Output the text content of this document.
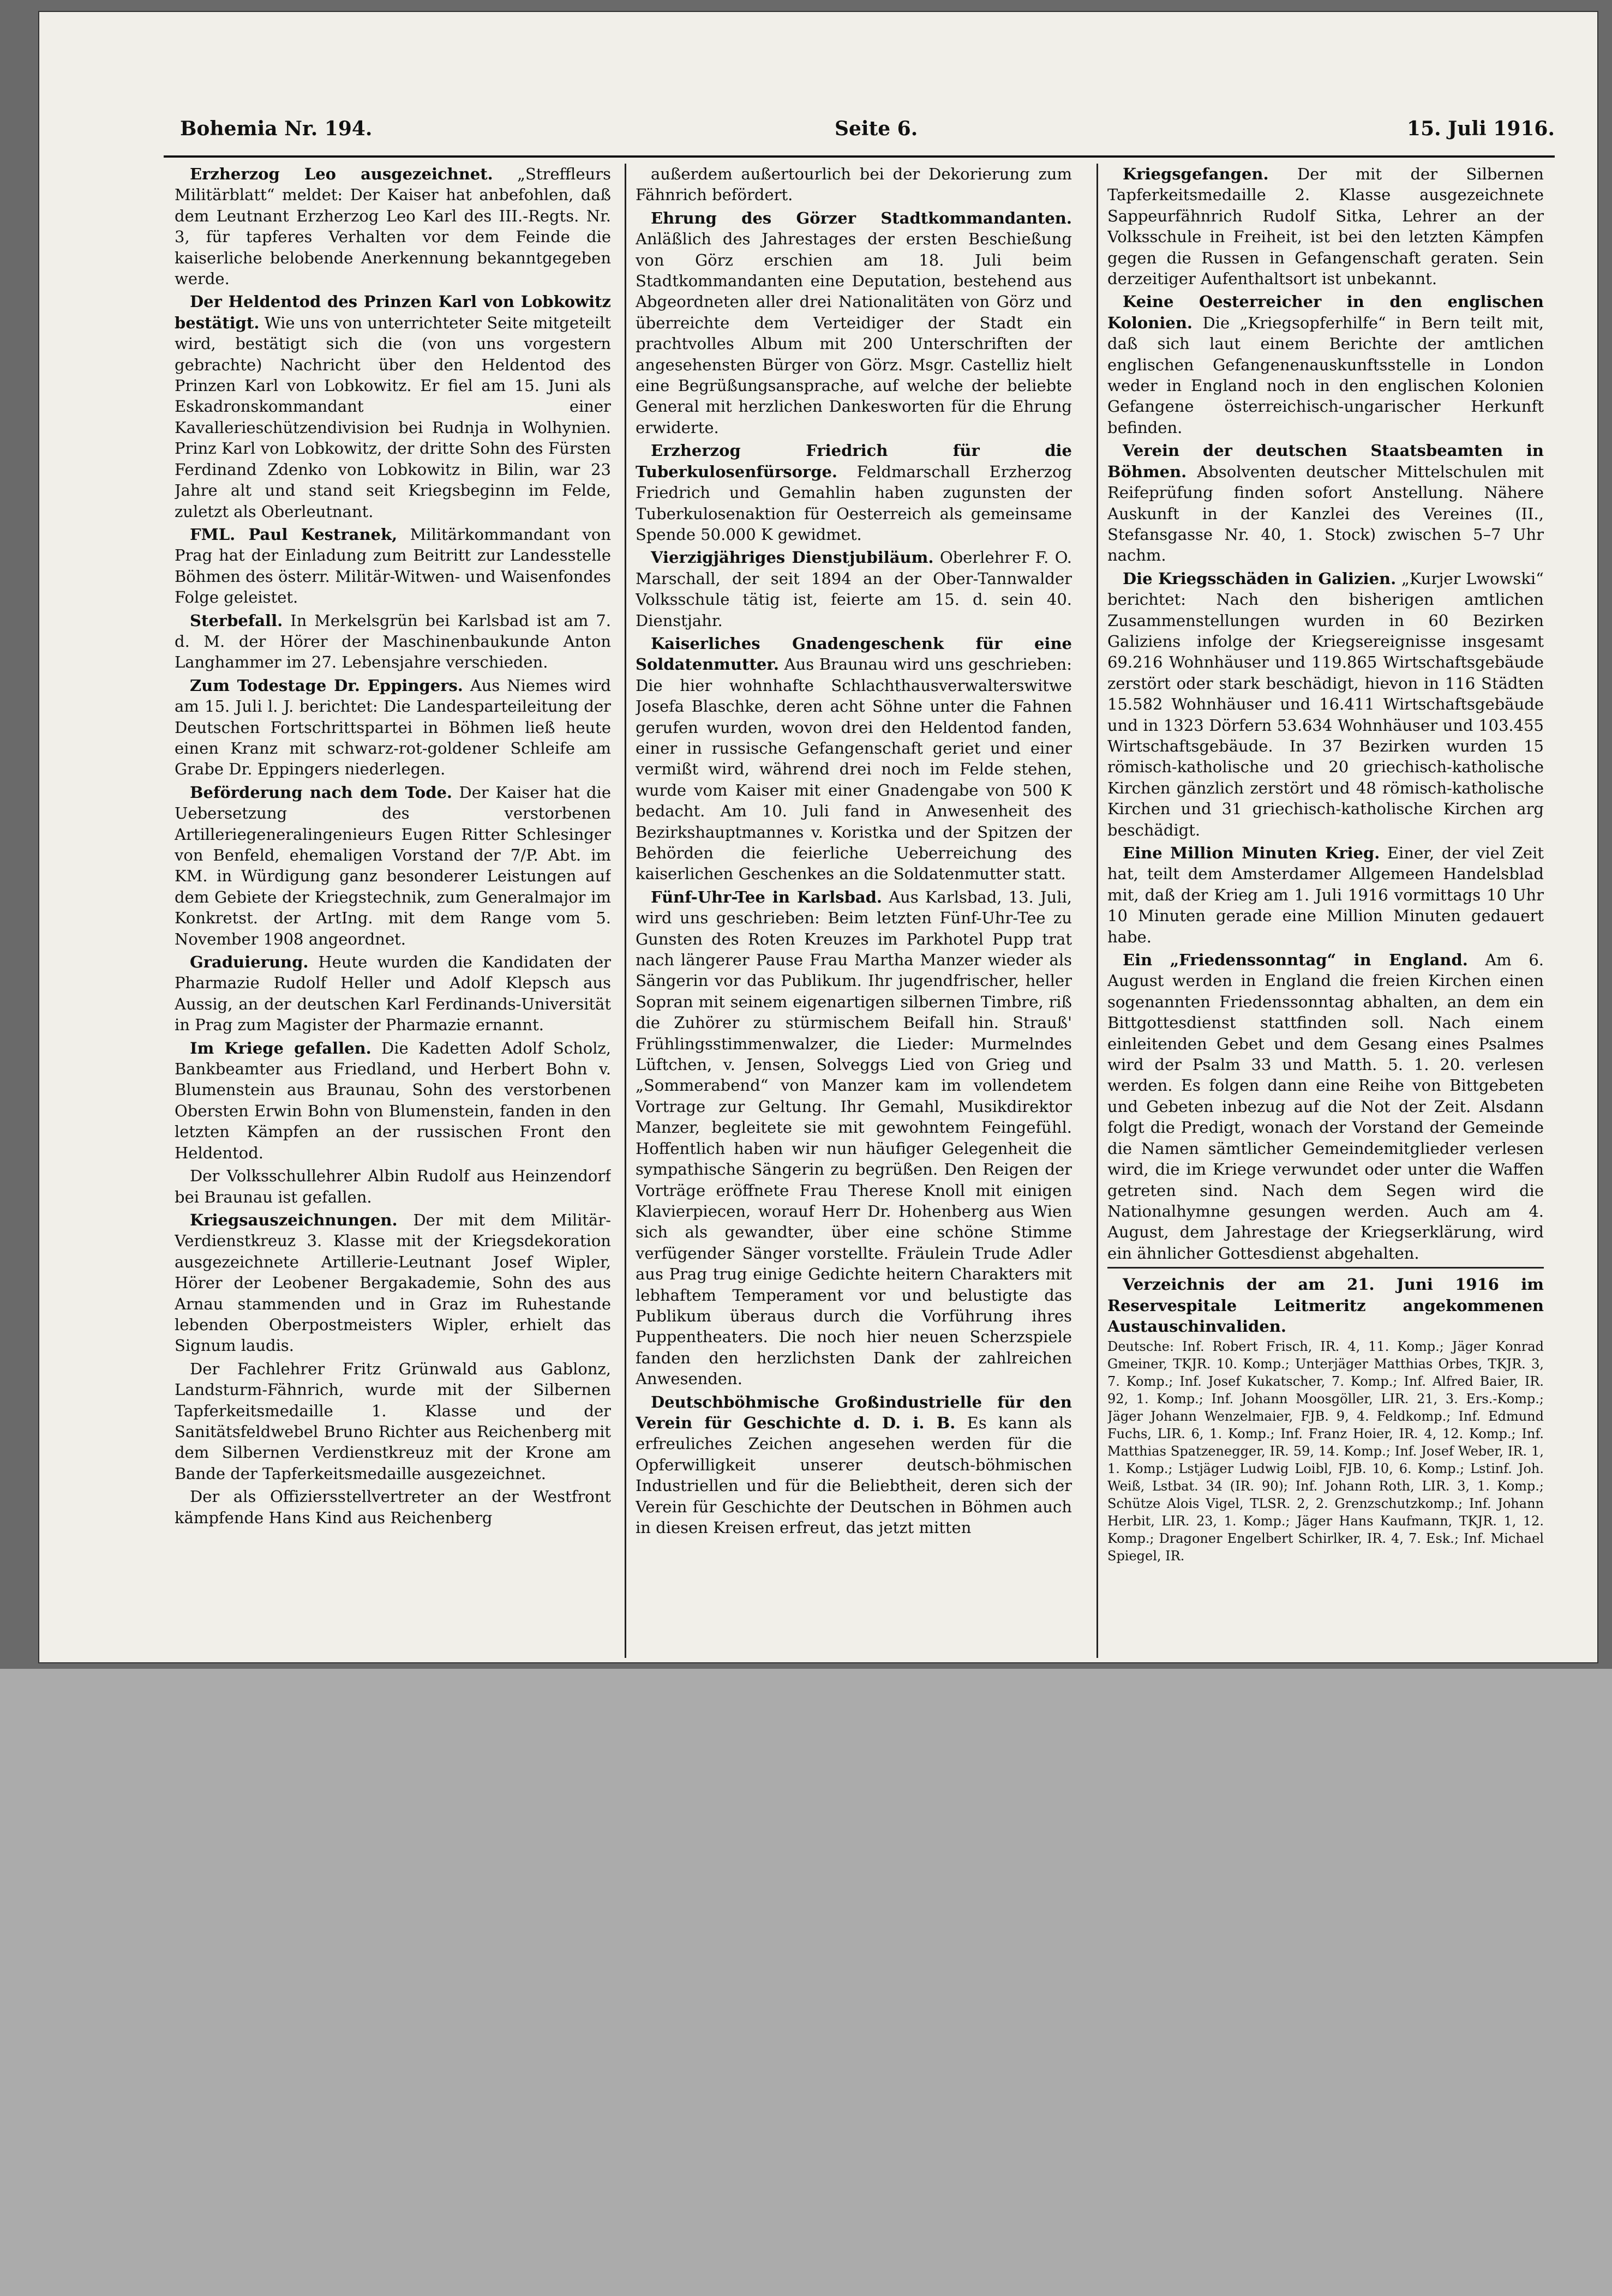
Bohemia Nr. 194.	Seite 6.	15. Juli 1916.

Erzherzog Leo ausgezeichnet. „Streffleurs Militärblatt“ meldet: Der Kaiser hat anbefohlen, daß dem Leutnant Erzherzog Leo Karl des III.-Regts. Nr. 3, für tapferes Verhalten vor dem Feinde die kaiserliche belobende Anerkennung bekanntgegeben werde.

Der Heldentod des Prinzen Karl von Lobkowitz bestätigt. Wie uns von unterrichteter Seite mitgeteilt wird, bestätigt sich die (von uns vorgestern gebrachte) Nachricht über den Heldentod des Prinzen Karl von Lobkowitz. Er fiel am 15. Juni als Eskadronskommandant einer Kavallerieschützendivision bei Rudnja in Wolhynien. Prinz Karl von Lobkowitz, der dritte Sohn des Fürsten Ferdinand Zdenko von Lobkowitz in Bilin, war 23 Jahre alt und stand seit Kriegsbeginn im Felde, zuletzt als Oberleutnant.

FML. Paul Kestranek, Militärkommandant von Prag hat der Einladung zum Beitritt zur Landesstelle Böhmen des österr. Militär-Witwen- und Waisenfondes Folge geleistet.

Sterbefall. In Merkelsgrün bei Karlsbad ist am 7. d. M. der Hörer der Maschinenbaukunde Anton Langhammer im 27. Lebensjahre verschieden.

Zum Todestage Dr. Eppingers. Aus Niemes wird am 15. Juli l. J. berichtet: Die Landesparteileitung der Deutschen Fortschrittspartei in Böhmen ließ heute einen Kranz mit schwarz-rot-goldener Schleife am Grabe Dr. Eppingers niederlegen.

Beförderung nach dem Tode. Der Kaiser hat die Uebersetzung des verstorbenen Artilleriegeneralingenieurs Eugen Ritter Schlesinger von Benfeld, ehemaligen Vorstand der 7/P. Abt. im KM. in Würdigung ganz besonderer Leistungen auf dem Gebiete der Kriegstechnik, zum Generalmajor im Konkretst. der ArtIng. mit dem Range vom 5. November 1908 angeordnet.

Graduierung. Heute wurden die Kandidaten der Pharmazie Rudolf Heller und Adolf Klepsch aus Aussig, an der deutschen Karl Ferdinands-Universität in Prag zum Magister der Pharmazie ernannt.

Im Kriege gefallen. Die Kadetten Adolf Scholz, Bankbeamter aus Friedland, und Herbert Bohn v. Blumenstein aus Braunau, Sohn des verstorbenen Obersten Erwin Bohn von Blumenstein, fanden in den letzten Kämpfen an der russischen Front den Heldentod.

Der Volksschullehrer Albin Rudolf aus Heinzendorf bei Braunau ist gefallen.

Kriegsauszeichnungen. Der mit dem Militär-Verdienstkreuz 3. Klasse mit der Kriegsdekoration ausgezeichnete Artillerie-Leutnant Josef Wipler, Hörer der Leobener Bergakademie, Sohn des aus Arnau stammenden und in Graz im Ruhestande lebenden Oberpostmeisters Wipler, erhielt das Signum laudis.

Der Fachlehrer Fritz Grünwald aus Gablonz, Landsturm-Fähnrich, wurde mit der Silbernen Tapferkeitsmedaille 1. Klasse und der Sanitätsfeldwebel Bruno Richter aus Reichenberg mit dem Silbernen Verdienstkreuz mit der Krone am Bande der Tapferkeitsmedaille ausgezeichnet.

Der als Offiziersstellvertreter an der Westfront kämpfende Hans Kind aus Reichenberg

außerdem außertourlich bei der Dekorierung zum Fähnrich befördert.

Ehrung des Görzer Stadtkommandanten. Anläßlich des Jahrestages der ersten Beschießung von Görz erschien am 18. Juli beim Stadtkommandanten eine Deputation, bestehend aus Abgeordneten aller drei Nationalitäten von Görz und überreichte dem Verteidiger der Stadt ein prachtvolles Album mit 200 Unterschriften der angesehensten Bürger von Görz. Msgr. Castelliz hielt eine Begrüßungsansprache, auf welche der beliebte General mit herzlichen Dankesworten für die Ehrung erwiderte.

Erzherzog Friedrich für die Tuberkulosenfürsorge. Feldmarschall Erzherzog Friedrich und Gemahlin haben zugunsten der Tuberkulosenaktion für Oesterreich als gemeinsame Spende 50.000 K gewidmet.

Vierzigjähriges Dienstjubiläum. Oberlehrer F. O. Marschall, der seit 1894 an der Ober-Tannwalder Volksschule tätig ist, feierte am 15. d. sein 40. Dienstjahr.

Kaiserliches Gnadengeschenk für eine Soldatenmutter. Aus Braunau wird uns geschrieben: Die hier wohnhafte Schlachthausverwalterswitwe Josefa Blaschke, deren acht Söhne unter die Fahnen gerufen wurden, wovon drei den Heldentod fanden, einer in russische Gefangenschaft geriet und einer vermißt wird, während drei noch im Felde stehen, wurde vom Kaiser mit einer Gnadengabe von 500 K bedacht. Am 10. Juli fand in Anwesenheit des Bezirkshauptmannes v. Koristka und der Spitzen der Behörden die feierliche Ueberreichung des kaiserlichen Geschenkes an die Soldatenmutter statt.

Fünf-Uhr-Tee in Karlsbad. Aus Karlsbad, 13. Juli, wird uns geschrieben: Beim letzten Fünf-Uhr-Tee zu Gunsten des Roten Kreuzes im Parkhotel Pupp trat nach längerer Pause Frau Martha Manzer wieder als Sängerin vor das Publikum. Ihr jugendfrischer, heller Sopran mit seinem eigenartigen silbernen Timbre, riß die Zuhörer zu stürmischem Beifall hin. Strauß' Frühlingsstimmenwalzer, die Lieder: Murmelndes Lüftchen, v. Jensen, Solveggs Lied von Grieg und „Sommerabend“ von Manzer kam im vollendetem Vortrage zur Geltung. Ihr Gemahl, Musikdirektor Manzer, begleitete sie mit gewohntem Feingefühl. Hoffentlich haben wir nun häufiger Gelegenheit die sympathische Sängerin zu begrüßen. Den Reigen der Vorträge eröffnete Frau Therese Knoll mit einigen Klavierpiecen, worauf Herr Dr. Hohenberg aus Wien sich als gewandter, über eine schöne Stimme verfügender Sänger vorstellte. Fräulein Trude Adler aus Prag trug einige Gedichte heitern Charakters mit lebhaftem Temperament vor und belustigte das Publikum überaus durch die Vorführung ihres Puppentheaters. Die noch hier neuen Scherzspiele fanden den herzlichsten Dank der zahlreichen Anwesenden.

Deutschböhmische Großindustrielle für den Verein für Geschichte d. D. i. B. Es kann als erfreuliches Zeichen angesehen werden für die Opferwilligkeit unserer deutsch-böhmischen Industriellen und für die Beliebtheit, deren sich der Verein für Geschichte der Deutschen in Böhmen auch in diesen Kreisen erfreut, das jetzt mitten

Kriegsgefangen. Der mit der Silbernen Tapferkeitsmedaille 2. Klasse ausgezeichnete Sappeurfähnrich Rudolf Sitka, Lehrer an der Volksschule in Freiheit, ist bei den letzten Kämpfen gegen die Russen in Gefangenschaft geraten. Sein derzeitiger Aufenthaltsort ist unbekannt.

Keine Oesterreicher in den englischen Kolonien. Die „Kriegsopferhilfe“ in Bern teilt mit, daß sich laut einem Berichte der amtlichen englischen Gefangenenauskunftsstelle in London weder in England noch in den englischen Kolonien Gefangene österreichisch-ungarischer Herkunft befinden.

Verein der deutschen Staatsbeamten in Böhmen. Absolventen deutscher Mittelschulen mit Reifeprüfung finden sofort Anstellung. Nähere Auskunft in der Kanzlei des Vereines (II., Stefansgasse Nr. 40, 1. Stock) zwischen 5–7 Uhr nachm.

Die Kriegsschäden in Galizien. „Kurjer Lwowski“ berichtet: Nach den bisherigen amtlichen Zusammenstellungen wurden in 60 Bezirken Galiziens infolge der Kriegsereignisse insgesamt 69.216 Wohnhäuser und 119.865 Wirtschaftsgebäude zerstört oder stark beschädigt, hievon in 116 Städten 15.582 Wohnhäuser und 16.411 Wirtschaftsgebäude und in 1323 Dörfern 53.634 Wohnhäuser und 103.455 Wirtschaftsgebäude. In 37 Bezirken wurden 15 römisch-katholische und 20 griechisch-katholische Kirchen gänzlich zerstört und 48 römisch-katholische Kirchen und 31 griechisch-katholische Kirchen arg beschädigt.

Eine Million Minuten Krieg. Einer, der viel Zeit hat, teilt dem Amsterdamer Allgemeen Handelsblad mit, daß der Krieg am 1. Juli 1916 vormittags 10 Uhr 10 Minuten gerade eine Million Minuten gedauert habe.

Ein „Friedenssonntag“ in England. Am 6. August werden in England die freien Kirchen einen sogenannten Friedenssonntag abhalten, an dem ein Bittgottesdienst stattfinden soll. Nach einem einleitenden Gebet und dem Gesang eines Psalmes wird der Psalm 33 und Matth. 5. 1. 20. verlesen werden. Es folgen dann eine Reihe von Bittgebeten und Gebeten inbezug auf die Not der Zeit. Alsdann folgt die Predigt, wonach der Vorstand der Gemeinde die Namen sämtlicher Gemeindemitglieder verlesen wird, die im Kriege verwundet oder unter die Waffen getreten sind. Nach dem Segen wird die Nationalhymne gesungen werden. Auch am 4. August, dem Jahrestage der Kriegserklärung, wird ein ähnlicher Gottesdienst abgehalten.

Verzeichnis der am 21. Juni 1916 im Reservespitale Leitmeritz angekommenen Austauschinvaliden.

Deutsche: Inf. Robert Frisch, IR. 4, 11. Komp.; Jäger Konrad Gmeiner, TKJR. 10. Komp.; Unterjäger Matthias Orbes, TKJR. 3, 7. Komp.; Inf. Josef Kukatscher, 7. Komp.; Inf. Alfred Baier, IR. 92, 1. Komp.; Inf. Johann Moosgöller, LIR. 21, 3. Ers.-Komp.; Jäger Johann Wenzelmaier, FJB. 9, 4. Feldkomp.; Inf. Edmund Fuchs, LIR. 6, 1. Komp.; Inf. Franz Hoier, IR. 4, 12. Komp.; Inf. Matthias Spatzenegger, IR. 59, 14. Komp.; Inf. Josef Weber, IR. 1, 1. Komp.; Lstjäger Ludwig Loibl, FJB. 10, 6. Komp.; Lstinf. Joh. Weiß, Lstbat. 34 (IR. 90); Inf. Johann Roth, LIR. 3, 1. Komp.; Schütze Alois Vigel, TLSR. 2, 2. Grenzschutzkomp.; Inf. Johann Herbit, LIR. 23, 1. Komp.; Jäger Hans Kaufmann, TKJR. 1, 12. Komp.; Dragoner Engelbert Schirlker, IR. 4, 7. Esk.; Inf. Michael Spiegel, IR.
